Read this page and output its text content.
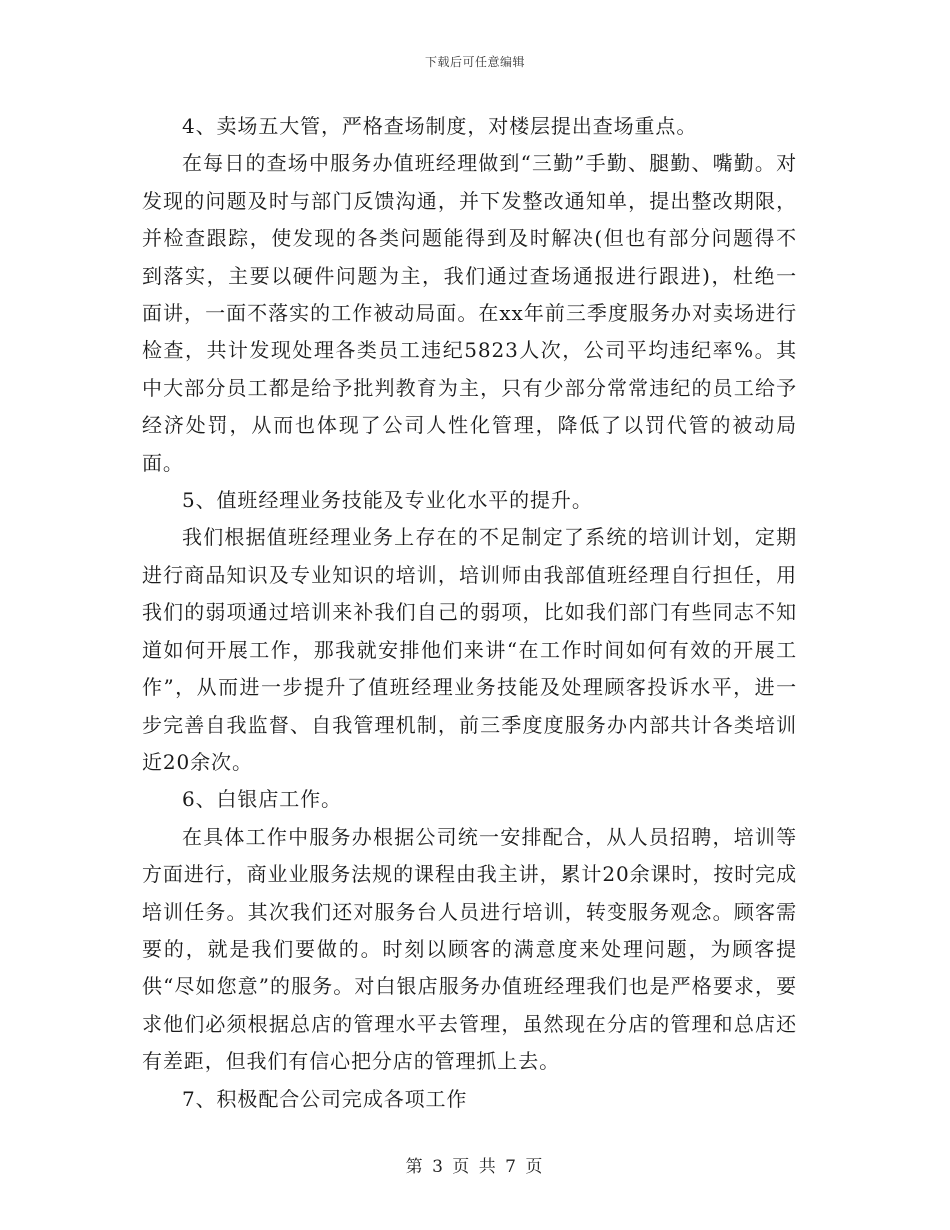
下载后可任意编辑

4、卖场五大管，严格查场制度，对楼层提出查场重点。

在每日的查场中服务办值班经理做到“三勤”手勤、腿勤、嘴勤。对发现的问题及时与部门反馈沟通，并下发整改通知单，提出整改期限，并检查跟踪，使发现的各类问题能得到及时解决(但也有部分问题得不到落实，主要以硬件问题为主，我们通过查场通报进行跟进)，杜绝一面讲，一面不落实的工作被动局面。在xx年前三季度服务办对卖场进行检查，共计发现处理各类员工违纪5823人次，公司平均违纪率%。其中大部分员工都是给予批判教育为主，只有少部分常常违纪的员工给予经济处罚，从而也体现了公司人性化管理，降低了以罚代管的被动局面。

5、值班经理业务技能及专业化水平的提升。

我们根据值班经理业务上存在的不足制定了系统的培训计划，定期进行商品知识及专业知识的培训，培训师由我部值班经理自行担任，用我们的弱项通过培训来补我们自己的弱项，比如我们部门有些同志不知道如何开展工作，那我就安排他们来讲“在工作时间如何有效的开展工作”，从而进一步提升了值班经理业务技能及处理顾客投诉水平，进一步完善自我监督、自我管理机制，前三季度度服务办内部共计各类培训近20余次。

6、白银店工作。

在具体工作中服务办根据公司统一安排配合，从人员招聘，培训等方面进行，商业业服务法规的课程由我主讲，累计20余课时，按时完成培训任务。其次我们还对服务台人员进行培训，转变服务观念。顾客需要的，就是我们要做的。时刻以顾客的满意度来处理问题，为顾客提供“尽如您意”的服务。对白银店服务办值班经理我们也是严格要求，要求他们必须根据总店的管理水平去管理，虽然现在分店的管理和总店还有差距，但我们有信心把分店的管理抓上去。

7、积极配合公司完成各项工作

第 3 页 共 7 页
